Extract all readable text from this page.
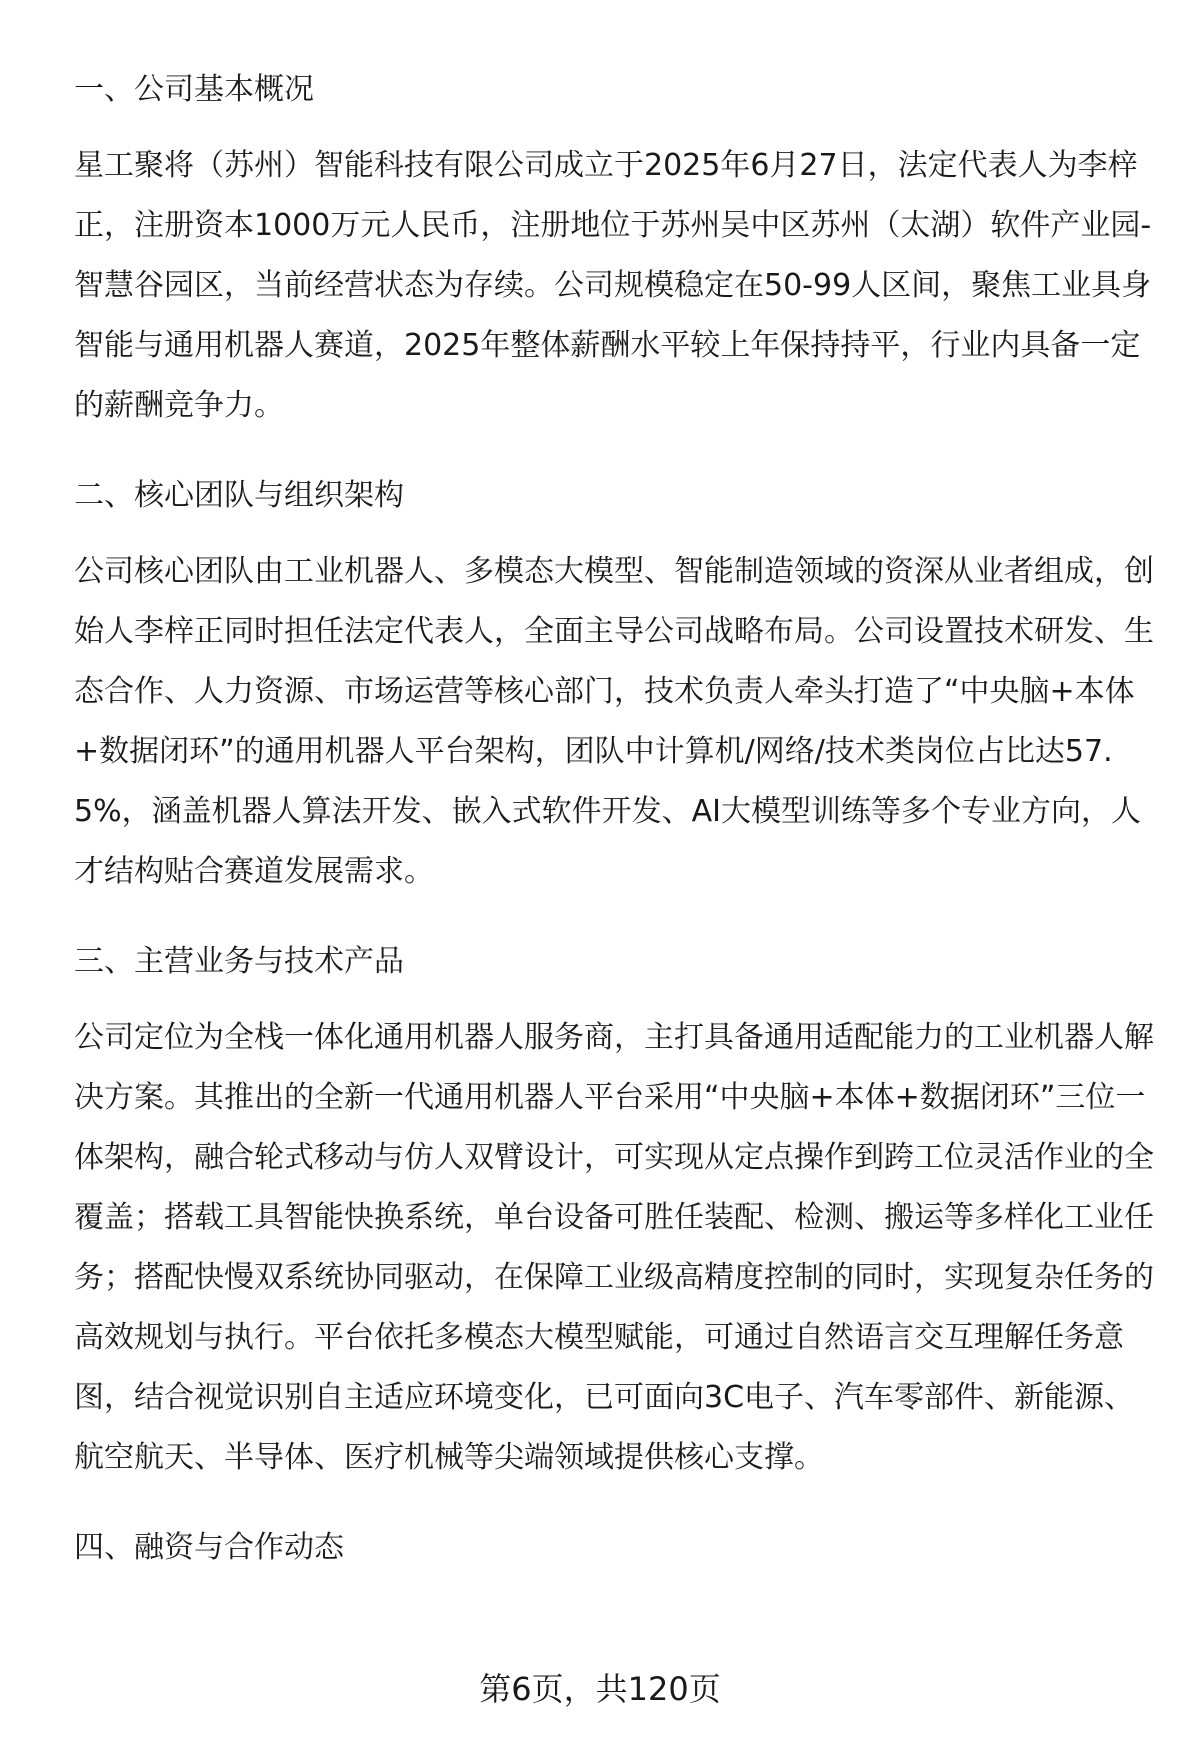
一、公司基本概况

星工聚将（苏州）智能科技有限公司成立于2025年6月27日，法定代表人为李梓正，注册资本1000万元人民币，注册地位于苏州吴中区苏州（太湖）软件产业园-智慧谷园区，当前经营状态为存续。公司规模稳定在50-99人区间，聚焦工业具身智能与通用机器人赛道，2025年整体薪酬水平较上年保持持平，行业内具备一定的薪酬竞争力。

二、核心团队与组织架构

公司核心团队由工业机器人、多模态大模型、智能制造领域的资深从业者组成，创始人李梓正同时担任法定代表人，全面主导公司战略布局。公司设置技术研发、生态合作、人力资源、市场运营等核心部门，技术负责人牵头打造了“中央脑+本体+数据闭环”的通用机器人平台架构，团队中计算机/网络/技术类岗位占比达57.5%，涵盖机器人算法开发、嵌入式软件开发、AI大模型训练等多个专业方向，人才结构贴合赛道发展需求。

三、主营业务与技术产品

公司定位为全栈一体化通用机器人服务商，主打具备通用适配能力的工业机器人解决方案。其推出的全新一代通用机器人平台采用“中央脑+本体+数据闭环”三位一体架构，融合轮式移动与仿人双臂设计，可实现从定点操作到跨工位灵活作业的全覆盖；搭载工具智能快换系统，单台设备可胜任装配、检测、搬运等多样化工业任务；搭配快慢双系统协同驱动，在保障工业级高精度控制的同时，实现复杂任务的高效规划与执行。平台依托多模态大模型赋能，可通过自然语言交互理解任务意图，结合视觉识别自主适应环境变化，已可面向3C电子、汽车零部件、新能源、航空航天、半导体、医疗机械等尖端领域提供核心支撑。

四、融资与合作动态
第6页，共120页
